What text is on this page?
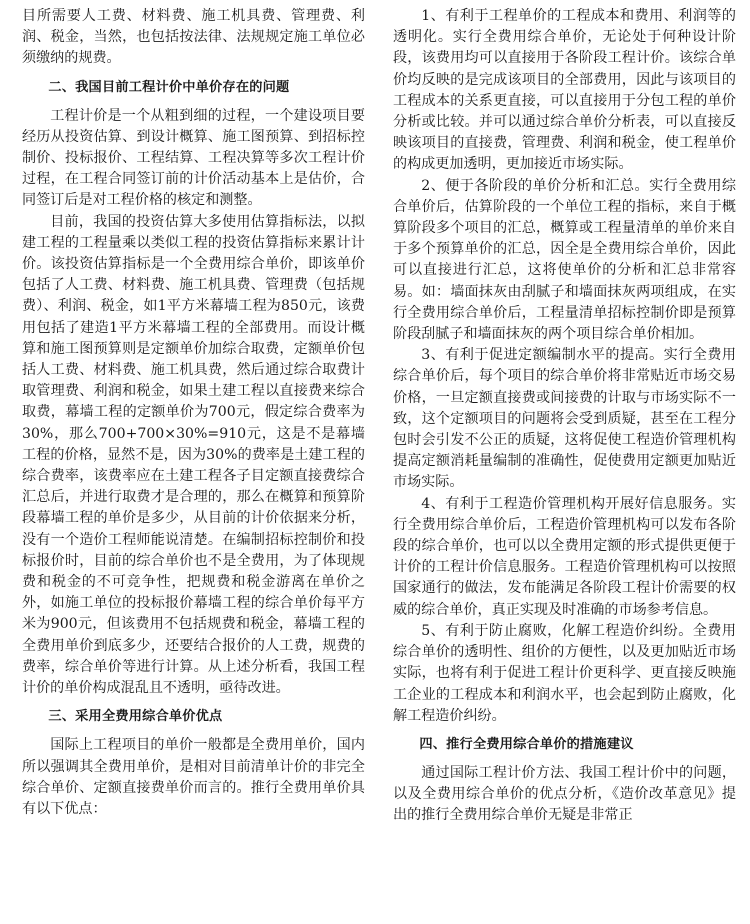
目所需要人工费、材料费、施工机具费、管理费、利润、税金，当然，也包括按法律、法规规定施工单位必须缴纳的规费。

二、我国目前工程计价中单价存在的问题

工程计价是一个从粗到细的过程，一个建设项目要经历从投资估算、到设计概算、施工图预算、到招标控制价、投标报价、工程结算、工程决算等多次工程计价过程，在工程合同签订前的计价活动基本上是估价，合同签订后是对工程价格的核定和测整。

目前，我国的投资估算大多使用估算指标法，以拟建工程的工程量乘以类似工程的投资估算指标来累计计价。该投资估算指标是一个全费用综合单价，即该单价包括了人工费、材料费、施工机具费、管理费（包括规费）、利润、税金，如1平方米幕墙工程为850元，该费用包括了建造1平方米幕墙工程的全部费用。而设计概算和施工图预算则是定额单价加综合取费，定额单价包括人工费、材料费、施工机具费，然后通过综合取费计取管理费、利润和税金，如果土建工程以直接费来综合取费，幕墙工程的定额单价为700元，假定综合费率为30%，那么700+700×30%=910元，这是不是幕墙工程的价格，显然不是，因为30%的费率是土建工程的综合费率，该费率应在土建工程各子目定额直接费综合汇总后，并进行取费才是合理的，那么在概算和预算阶段幕墙工程的单价是多少，从目前的计价依据来分析，没有一个造价工程师能说清楚。在编制招标控制价和投标报价时，目前的综合单价也不是全费用，为了体现规费和税金的不可竞争性，把规费和税金游离在单价之外，如施工单位的投标报价幕墙工程的综合单价每平方米为900元，但该费用不包括规费和税金，幕墙工程的全费用单价到底多少，还要结合报价的人工费，规费的费率，综合单价等进行计算。从上述分析看，我国工程计价的单价构成混乱且不透明，亟待改进。

三、采用全费用综合单价优点

国际上工程项目的单价一般都是全费用单价，国内所以强调其全费用单价，是相对目前清单计价的非完全综合单价、定额直接费单价而言的。推行全费用单价具有以下优点：

1、有利于工程单价的工程成本和费用、利润等的透明化。实行全费用综合单价，无论处于何种设计阶段，该费用均可以直接用于各阶段工程计价。该综合单价均反映的是完成该项目的全部费用，因此与该项目的工程成本的关系更直接，可以直接用于分包工程的单价分析或比较。并可以通过综合单价分析表，可以直接反映该项目的直接费，管理费、利润和税金，使工程单价的构成更加透明，更加接近市场实际。

2、便于各阶段的单价分析和汇总。实行全费用综合单价后，估算阶段的一个单位工程的指标，来自于概算阶段多个项目的汇总，概算或工程量清单的单价来自于多个预算单价的汇总，因全是全费用综合单价，因此可以直接进行汇总，这将使单价的分析和汇总非常容易。如：墙面抹灰由刮腻子和墙面抹灰两项组成，在实行全费用综合单价后，工程量清单招标控制价即是预算阶段刮腻子和墙面抹灰的两个项目综合单价相加。

3、有利于促进定额编制水平的提高。实行全费用综合单价后，每个项目的综合单价将非常贴近市场交易价格，一旦定额直接费或间接费的计取与市场实际不一致，这个定额项目的问题将会受到质疑，甚至在工程分包时会引发不公正的质疑，这将促使工程造价管理机构提高定额消耗量编制的准确性，促使费用定额更加贴近市场实际。

4、有利于工程造价管理机构开展好信息服务。实行全费用综合单价后，工程造价管理机构可以发布各阶段的综合单价，也可以以全费用定额的形式提供更便于计价的工程计价信息服务。工程造价管理机构可以按照国家通行的做法，发布能满足各阶段工程计价需要的权威的综合单价，真正实现及时准确的市场参考信息。

5、有利于防止腐败，化解工程造价纠纷。全费用综合单价的透明性、组价的方便性，以及更加贴近市场实际，也将有利于促进工程计价更科学、更直接反映施工企业的工程成本和利润水平，也会起到防止腐败，化解工程造价纠纷。

四、推行全费用综合单价的措施建议

通过国际工程计价方法、我国工程计价中的问题，以及全费用综合单价的优点分析，《造价改革意见》提出的推行全费用综合单价无疑是非常正
